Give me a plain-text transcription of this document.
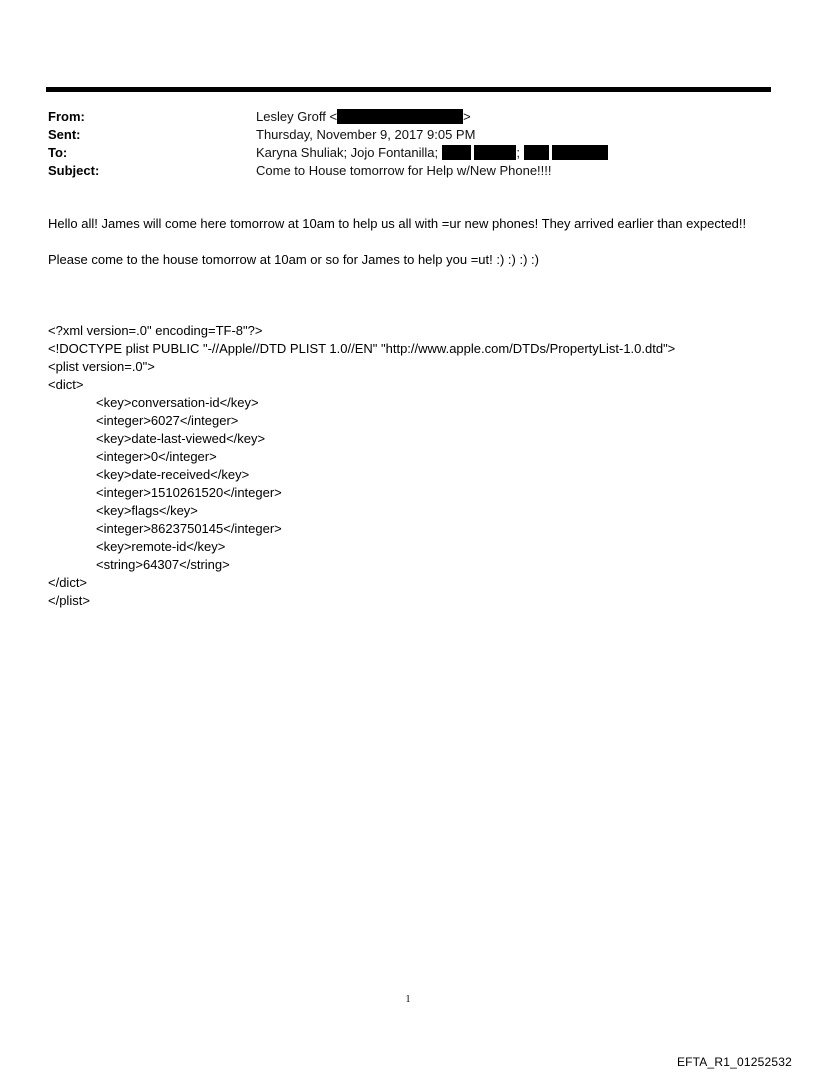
From:	Lesley Groff <	>
Sent:	Thursday, November 9, 2017 9:05 PM
To:	Karyna Shuliak; Jojo Fontanilla;	;
Subject:	Come to House tomorrow for Help w/New Phone!!!!

Hello all! James will come here tomorrow at 10am to help us all with =ur new phones! They arrived earlier than expected!!

Please come to the house tomorrow at 10am or so for James to help you =ut! :) :) :) :)

<?xml version=.0" encoding=TF-8"?>
<!DOCTYPE plist PUBLIC "-//Apple//DTD PLIST 1.0//EN" "http://www.apple.com/DTDs/PropertyList-1.0.dtd">
<plist version=.0">
<dict>
<key>conversation-id</key>
<integer>6027</integer>
<key>date-last-viewed</key>
<integer>0</integer>
<key>date-received</key>
<integer>1510261520</integer>
<key>flags</key>
<integer>8623750145</integer>
<key>remote-id</key>
<string>64307</string>
</dict>
</plist>
1
EFTA_R1_01252532
